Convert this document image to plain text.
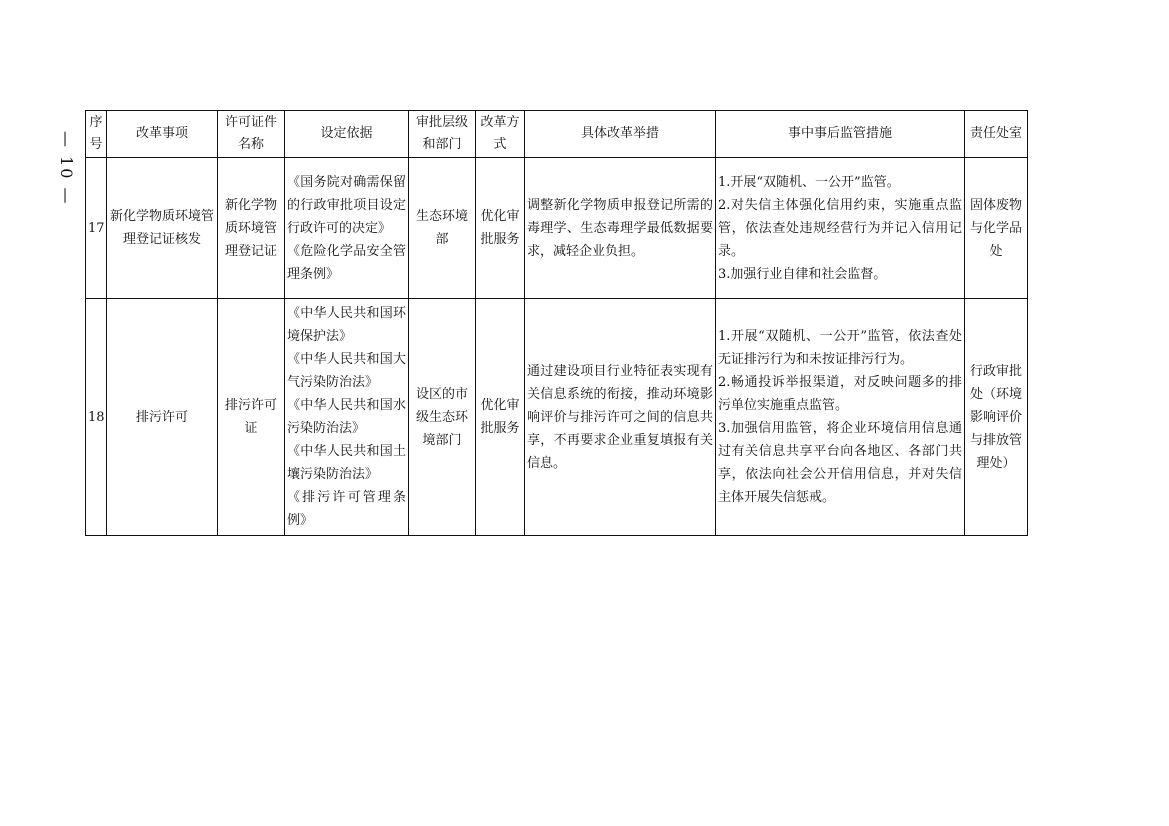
— 10 —
序号	改革事项	许可证件名称	设定依据	审批层级和部门	改革方式	具体改革举措	事中事后监管措施	责任处室
17	新化学物质环境管理登记证核发	新化学物质环境管理登记证	《国务院对确需保留的行政审批项目设定行政许可的决定》
《危险化学品安全管理条例》	生态环境部	优化审批服务	调整新化学物质申报登记所需的毒理学、生态毒理学最低数据要求，减轻企业负担。	1.开展“双随机、一公开”监管。
2.对失信主体强化信用约束，实施重点监管，依法查处违规经营行为并记入信用记录。
3.加强行业自律和社会监督。	固体废物与化学品处
18	排污许可	排污许可证	《中华人民共和国环境保护法》
《中华人民共和国大气污染防治法》
《中华人民共和国水污染防治法》
《中华人民共和国土壤污染防治法》
《排污许可管理条例》	设区的市级生态环境部门	优化审批服务	通过建设项目行业特征表实现有关信息系统的衔接，推动环境影响评价与排污许可之间的信息共享，不再要求企业重复填报有关信息。	1.开展“双随机、一公开”监管，依法查处无证排污行为和未按证排污行为。
2.畅通投诉举报渠道，对反映问题多的排污单位实施重点监管。
3.加强信用监管，将企业环境信用信息通过有关信息共享平台向各地区、各部门共享，依法向社会公开信用信息，并对失信主体开展失信惩戒。	行政审批处（环境影响评价与排放管理处）
